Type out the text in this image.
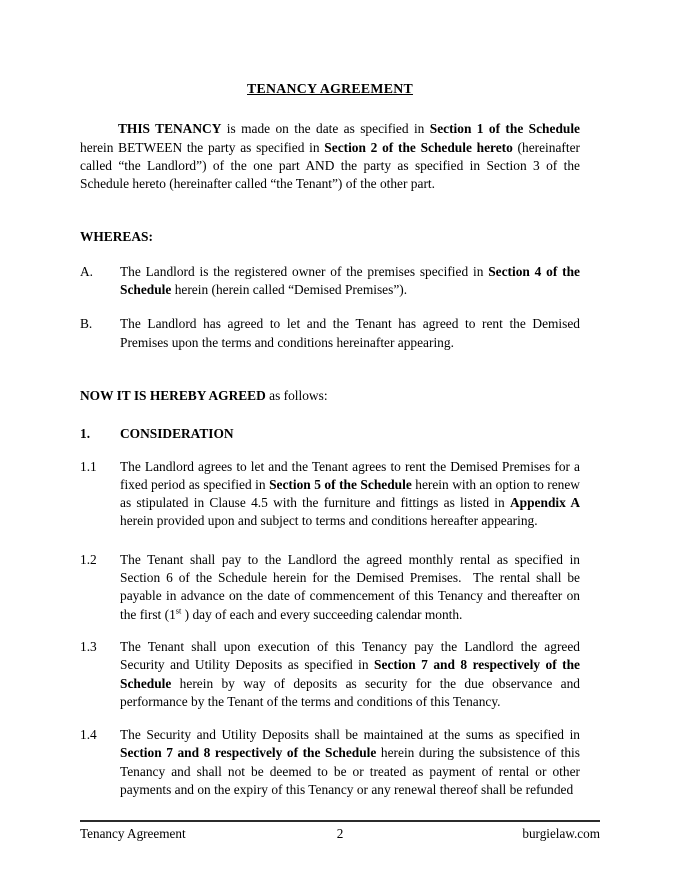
TENANCY AGREEMENT

THIS TENANCY is made on the date as specified in Section 1 of the Schedule herein BETWEEN the party as specified in Section 2 of the Schedule hereto (hereinafter called “the Landlord”) of the one part AND the party as specified in Section 3 of the Schedule hereto (hereinafter called “the Tenant”) of the other part.

WHEREAS:
A.	The Landlord is the registered owner of the premises specified in Section 4 of the Schedule herein (herein called “Demised Premises”).
B.	The Landlord has agreed to let and the Tenant has agreed to rent the Demised Premises upon the terms and conditions hereinafter appearing.

NOW IT IS HEREBY AGREED as follows:

1.	CONSIDERATION
1.1	The Landlord agrees to let and the Tenant agrees to rent the Demised Premises for a fixed period as specified in Section 5 of the Schedule herein with an option to renew as stipulated in Clause 4.5 with the furniture and fittings as listed in Appendix A herein provided upon and subject to terms and conditions hereafter appearing.
1.2	The Tenant shall pay to the Landlord the agreed monthly rental as specified in Section 6 of the Schedule herein for the Demised Premises.  The rental shall be payable in advance on the date of commencement of this Tenancy and thereafter on the first (1st ) day of each and every succeeding calendar month.
1.3	The Tenant shall upon execution of this Tenancy pay the Landlord the agreed Security and Utility Deposits as specified in Section 7 and 8 respectively of the Schedule herein by way of deposits as security for the due observance and performance by the Tenant of the terms and conditions of this Tenancy.
1.4	The Security and Utility Deposits shall be maintained at the sums as specified in Section 7 and 8 respectively of the Schedule herein during the subsistence of this Tenancy and shall not be deemed to be or treated as payment of rental or other payments and on the expiry of this Tenancy or any renewal thereof shall be refunded
Tenancy Agreement	2	burgielaw.com
